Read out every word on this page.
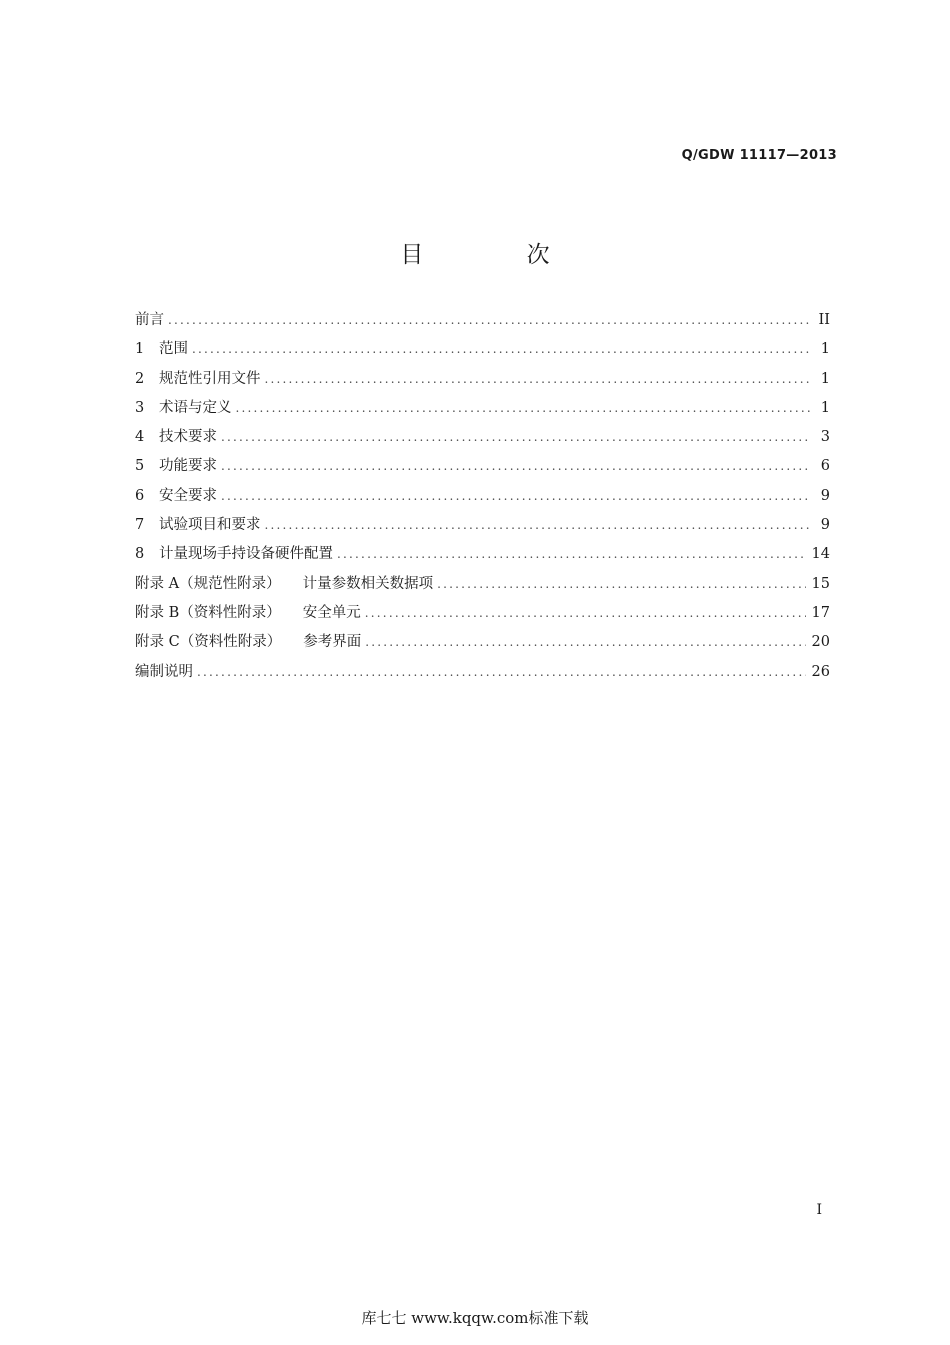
Q/GDW 11117—2013
目 次
前言 .....	II
1	范围 .....	1
2	规范性引用文件 .....	1
3	术语与定义 .....	1
4	技术要求 .....	3
5	功能要求 .....	6
6	安全要求 .....	9
7	试验项目和要求 .....	9
8	计量现场手持设备硬件配置 .....	14
附录 A（规范性附录） 计量参数相关数据项 .....	15
附录 B（资料性附录） 安全单元 .....	17
附录 C（资料性附录） 参考界面 .....	20
编制说明 .....	26
I
库七七 www.kqqw.com标准下载
